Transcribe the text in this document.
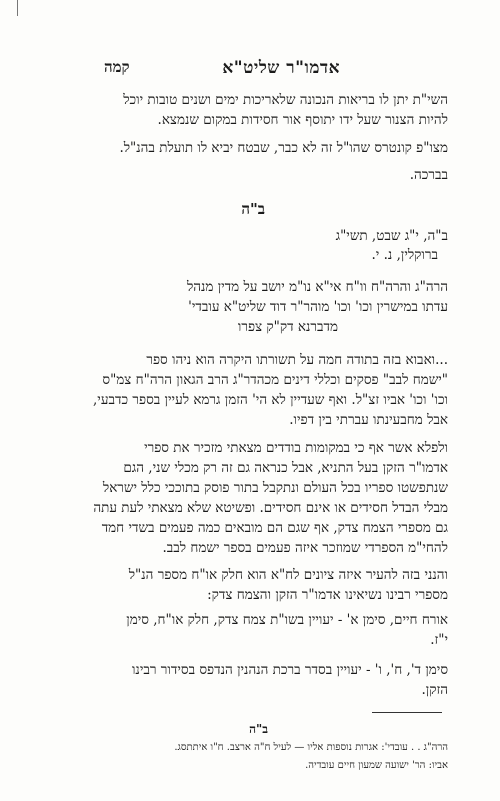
אדמו"ר שליט"א
קמה
השי"ת יתן לו בריאות הנכונה שלאריכות ימים ושנים טובות יוכל
להיות הצנור שעל ידו יתוסף אור חסידות במקום שנמצא.
מצו"פ קונטרס שהו"ל זה לא כבר, שבטח יביא לו תועלת בהנ"ל.
בברכה.
ב"ה
ב"ה, י"ג שבט, תשי"ג
ברוקלין, נ. י.
הרה"ג והרה"ח וו"ח אי"א נו"מ יושב על מדין מנהל
עדתו במישרין וכו' וכו' מוהר"ר דוד שליט"א עובדי'
מדברנא דק"ק צפרו
...ואבוא בזה בתודה חמה על תשורתו היקרה הוא ניהו ספר
"ישמח לבב" פסקים וכללי דינים מכהדר"ג הרב הגאון הרה"ח צמ"ס
וכו' וכו' אביו זצ"ל. ואף שעדיין לא הי' הזמן גרמא לעיין בספר כדבעי,
אבל מחבעינתו עברתי בין דפיו.
ולפלא אשר אף כי במקומות בודדים מצאתי מזכיר את ספרי
אדמו"ר הזקן בעל התניא, אבל כנראה גם זה רק מכלי שני, הגם
שנתפשטו ספריו בכל העולם ונתקבל בתור פוסק בתוככי כלל ישראל
מבלי הבדל חסידים או אינם חסידים. ופשיטא שלא מצאתי לעת עתה
גם מספרי הצמח צדק, אף שגם הם מובאים כמה פעמים בשדי חמד
להחי"מ הספרדי שמוזכר איזה פעמים בספר ישמח לבב.
והנני בזה להעיר איזה ציונים לח"א הוא חלק או"ח מספר הנ"ל
מספרי רבינו נשיאינו אדמו"ר הזקן והצמח צדק:
אורח חיים, סימן א' - יעויין בשו"ת צמח צדק, חלק או"ח, סימן
י"ז.
סימן ד', ח', ו' - יעויין בסדר ברכת הנהנין הנדפס בסידור רבינו
הזקן.
ב"ה
הרה"ג . . עובדי': אגרות נוספות אליו — לעיל ח"ה ארצב. ח"ו איתתסג.
אביו: הר' ישועה שמעון חיים עובדיה.
